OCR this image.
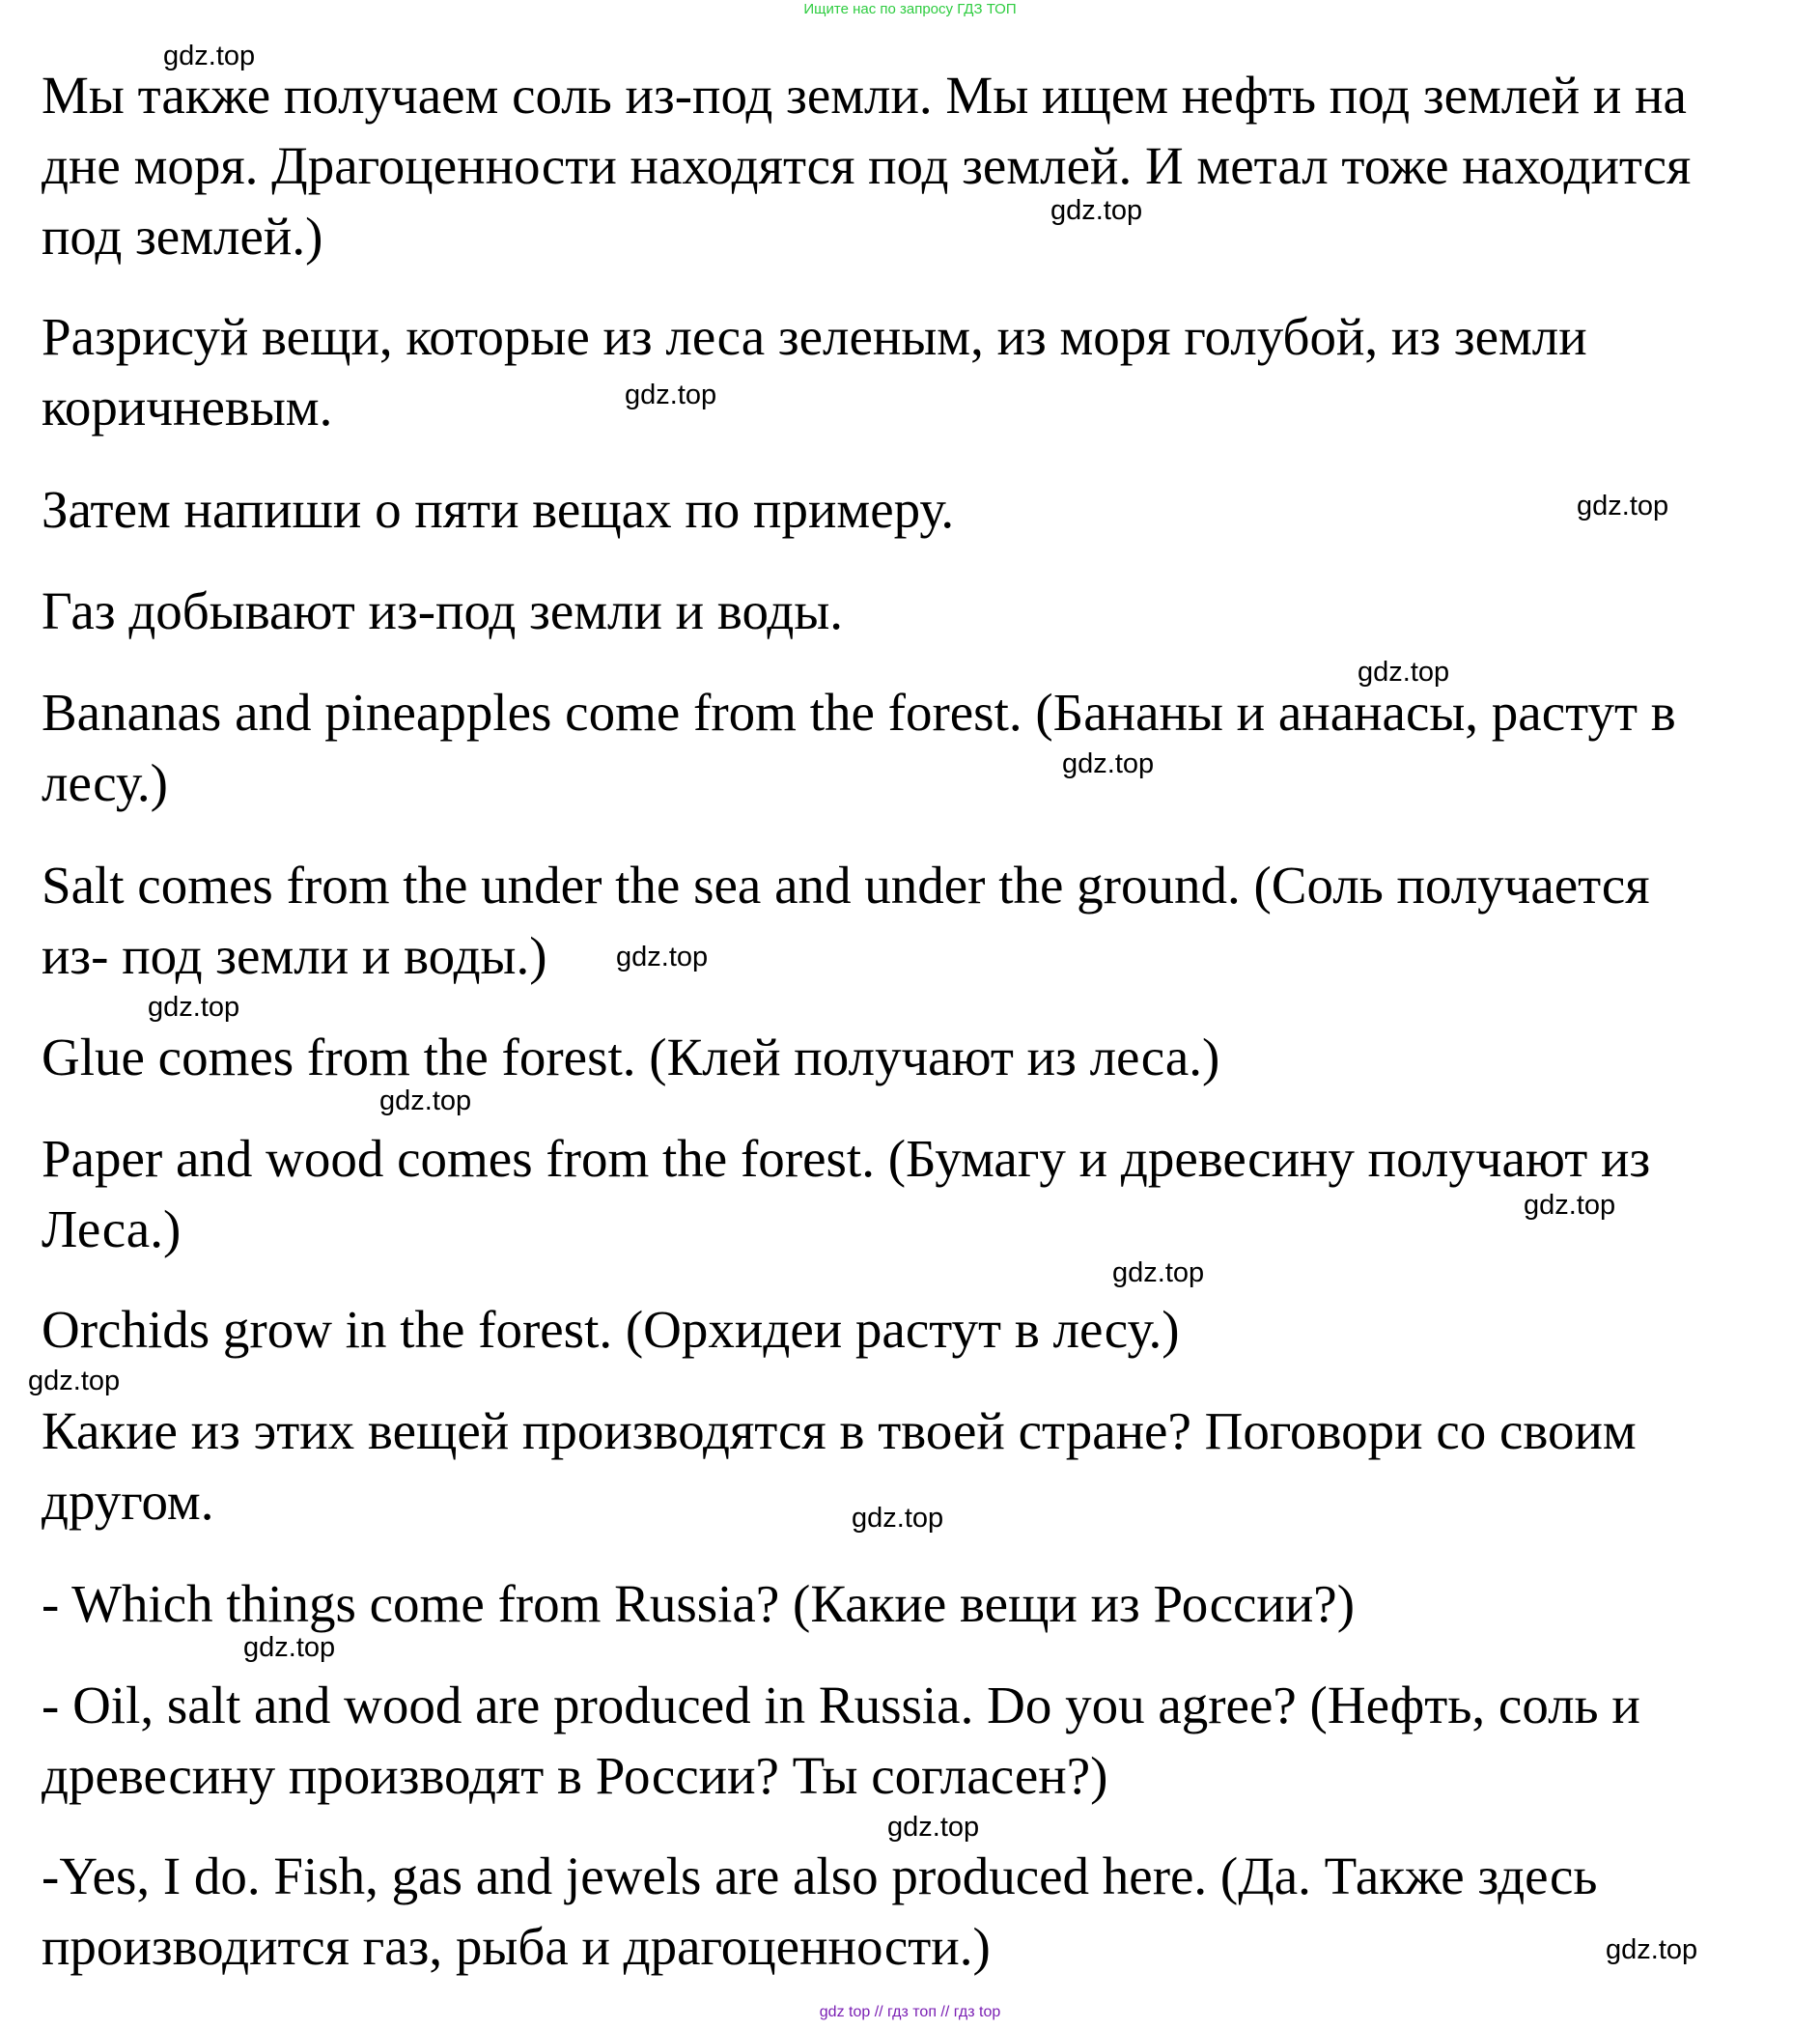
Ищите нас по запросу ГДЗ ТОП

Мы также получаем соль из-под земли. Мы ищем нефть под землей и на
дне моря. Драгоценности находятся под землей. И метал тоже находится
под землей.)

Разрисуй вещи, которые из леса зеленым, из моря голубой, из земли
коричневым.

Затем напиши о пяти вещах по примеру.

Газ добывают из-под земли и воды.

Bananas and pineapples come from the forest. (Бананы и ананасы, растут в
лесу.)

Salt comes from the under the sea and under the ground. (Соль получается
из- под земли и воды.)

Glue comes from the forest. (Клей получают из леса.)

Paper and wood comes from the forest. (Бумагу и древесину получают из
Леса.)

Orchids grow in the forest. (Орхидеи растут в лесу.)

Какие из этих вещей производятся в твоей стране? Поговори со своим
другом.

- Which things come from Russia? (Какие вещи из России?)

- Oil, salt and wood are produced in Russia. Do you agree? (Нефть, соль и
древесину производят в России? Ты согласен?)

-Yes, I do. Fish, gas and jewels are also produced here. (Да. Также здесь
производится газ, рыба и драгоценности.)

gdz.top
gdz.top
gdz.top
gdz.top
gdz.top
gdz.top
gdz.top
gdz.top
gdz.top
gdz.top
gdz.top
gdz.top
gdz.top
gdz.top
gdz.top
gdz.top
gdz top // гдз топ // гдз top
